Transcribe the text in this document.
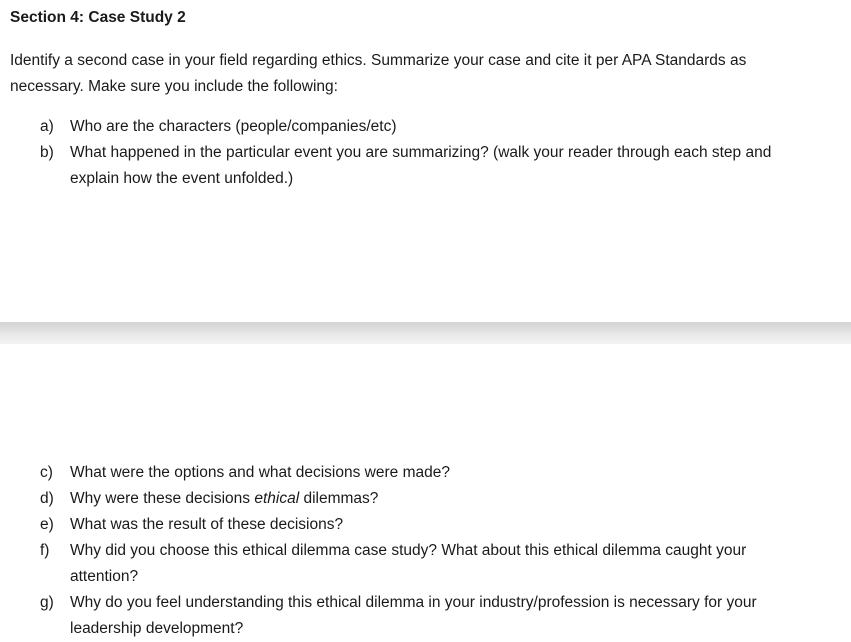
Section 4: Case Study 2

Identify a second case in your field regarding ethics. Summarize your case and cite it per APA Standards as necessary. Make sure you include the following:

a)	Who are the characters (people/companies/etc)
b)	What happened in the particular event you are summarizing? (walk your reader through each step and explain how the event unfolded.)
c)	What were the options and what decisions were made?
d)	Why were these decisions ethical dilemmas?
e)	What was the result of these decisions?
f)	Why did you choose this ethical dilemma case study? What about this ethical dilemma caught your attention?
g)	Why do you feel understanding this ethical dilemma in your industry/profession is necessary for your leadership development?
